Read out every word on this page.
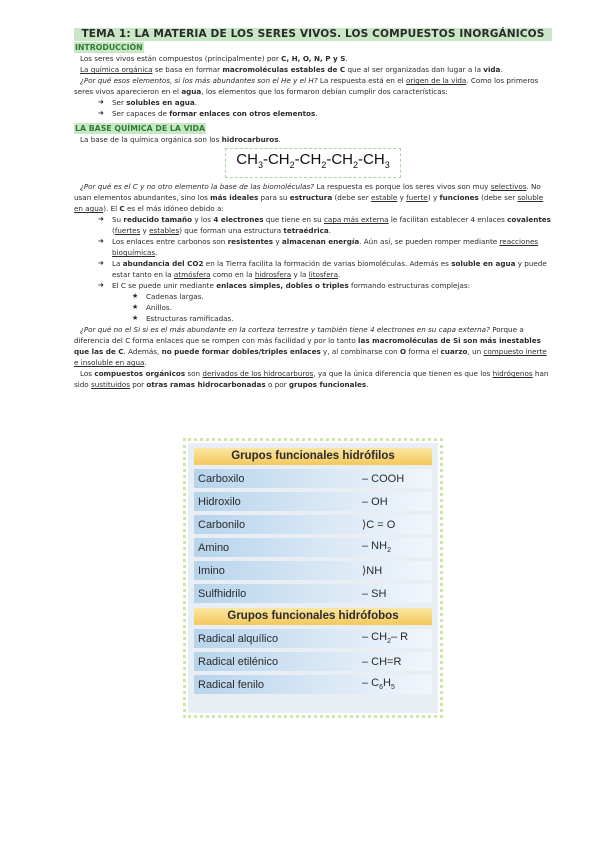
TEMA 1: LA MATERIA DE LOS SERES VIVOS. LOS COMPUESTOS INORGÁNICOS
INTRODUCCIÓN

Los seres vivos están compuestos (principalmente) por C, H, O, N, P y S.

La química orgánica se basa en formar macromoléculas estables de C que al ser organizadas dan lugar a la vida.

¿Por qué esos elementos, si los más abundantes son el He y el H? La respuesta está en el origen de la vida. Como los primeros seres vivos aparecieron en el agua, los elementos que los formaron debían cumplir dos características:

➜ Ser solubles en agua.
➜ Ser capaces de formar enlaces con otros elementos.
LA BASE QUÍMICA DE LA VIDA

La base de la química orgánica son los hidrocarburos.

$CH_3-CH_2-CH_2-CH_2-CH_3$

¿Por qué es el C y no otro elemento la base de las biomoléculas? La respuesta es porque los seres vivos son muy selectivos. No usan elementos abundantes, sino los más ideales para su estructura (debe ser estable y fuerte) y funciones (debe ser soluble en agua). El C es el más idóneo debido a:

➜ Su reducido tamaño y los 4 electrones que tiene en su capa más externa le facilitan establecer 4 enlaces covalentes (fuertes y estables) que forman una estructura tetraédrica.
➜ Los enlaces entre carbonos son resistentes y almacenan energía. Aún así, se pueden romper mediante reacciones bioquímicas.
➜ La abundancia del CO2 en la Tierra facilita la formación de varias biomoléculas. Además es soluble en agua y puede estar tanto en la atmósfera como en la hidrosfera y la litosfera.
➜ El C se puede unir mediante enlaces simples, dobles o triples formando estructuras complejas:
★ Cadenas largas.
★ Anillos.
★ Estructuras ramificadas.

¿Por qué no el Si si es el más abundante en la corteza terrestre y también tiene 4 electrones en su capa externa? Porque a diferencia del C forma enlaces que se rompen con más facilidad y por lo tanto las macromoléculas de Si son más inestables que las de C. Además, no puede formar dobles/triples enlaces y, al combinarse con O forma el cuarzo, un compuesto inerte e insoluble en agua.

Los compuestos orgánicos son derivados de los hidrocarburos, ya que la única diferencia que tienen es que los hidrógenos han sido sustituidos por otras ramas hidrocarbonadas o por grupos funcionales.

Grupos funcionales hidrófilos
Carboxilo	– COOH
Hidroxilo	– OH
Carbonilo	⟩C = O
Amino	– $NH_2$
Imino	⟩NH
Sulfhidrilo	– SH
Grupos funcionales hidrófobos
Radical alquílico	– $CH_2-$ R
Radical etilénico	– CH=R
Radical fenilo	– $C_6H_5$
